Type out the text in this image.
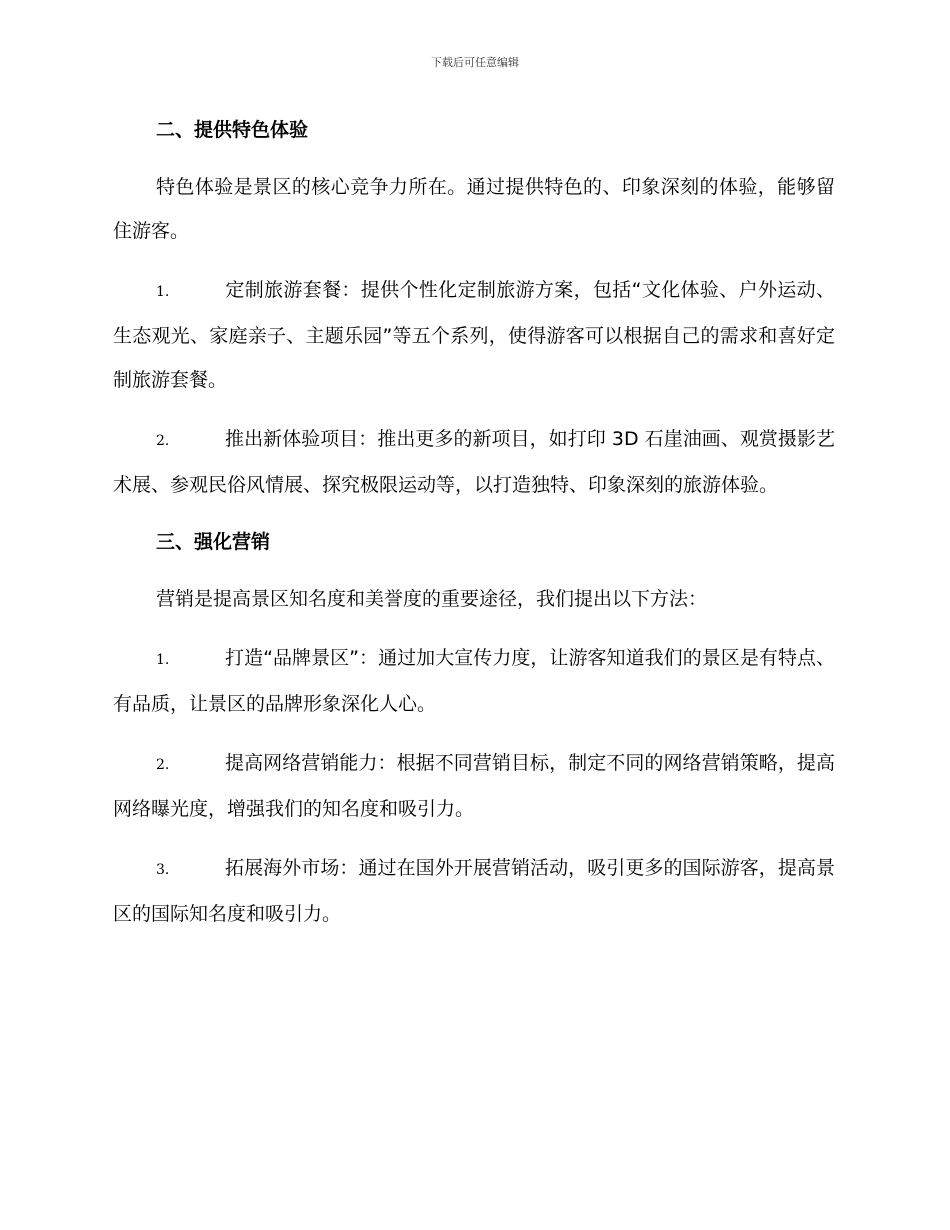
下载后可任意编辑
二、提供特色体验

特色体验是景区的核心竞争力所在。通过提供特色的、印象深刻的体验，能够留住游客。

1.	定制旅游套餐：提供个性化定制旅游方案，包括“文化体验、户外运动、生态观光、家庭亲子、主题乐园”等五个系列，使得游客可以根据自己的需求和喜好定制旅游套餐。

2.	推出新体验项目：推出更多的新项目，如打印 3D 石崖油画、观赏摄影艺术展、参观民俗风情展、探究极限运动等，以打造独特、印象深刻的旅游体验。

三、强化营销

营销是提高景区知名度和美誉度的重要途径，我们提出以下方法：

1.	打造“品牌景区”：通过加大宣传力度，让游客知道我们的景区是有特点、有品质，让景区的品牌形象深化人心。

2.	提高网络营销能力：根据不同营销目标，制定不同的网络营销策略，提高网络曝光度，增强我们的知名度和吸引力。

3.	拓展海外市场：通过在国外开展营销活动，吸引更多的国际游客，提高景区的国际知名度和吸引力。
